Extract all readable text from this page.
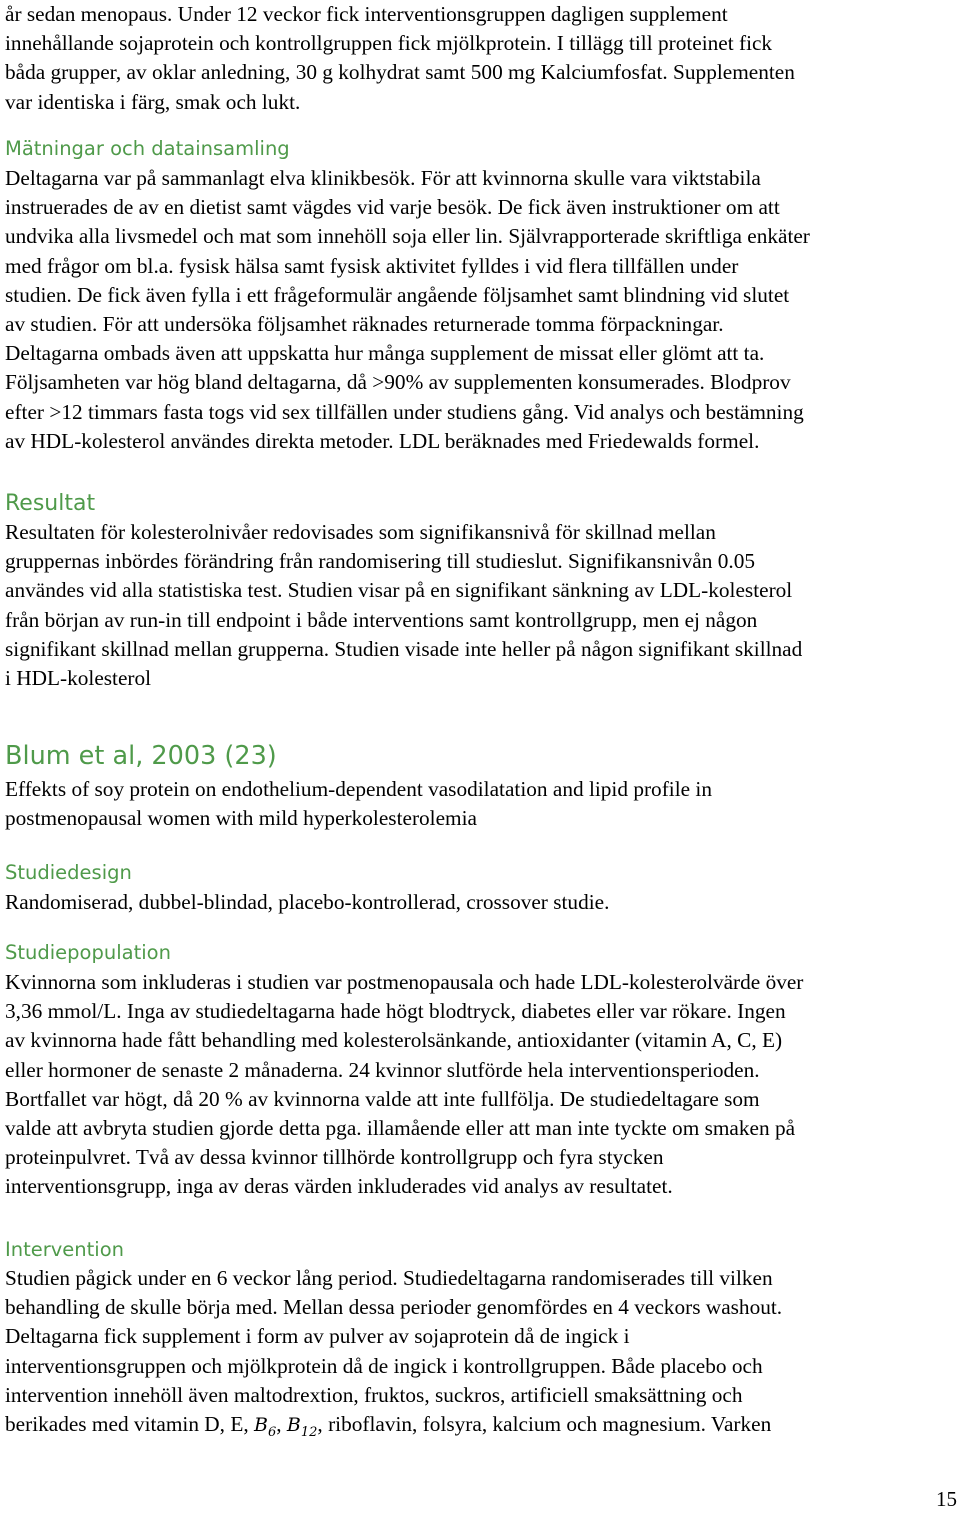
år sedan menopaus. Under 12 veckor fick interventionsgruppen dagligen supplement
innehållande sojaprotein och kontrollgruppen fick mjölkprotein. I tillägg till proteinet fick
båda grupper, av oklar anledning, 30 g kolhydrat samt 500 mg Kalciumfosfat. Supplementen
var identiska i färg, smak och lukt.

Mätningar och datainsamling

Deltagarna var på sammanlagt elva klinikbesök. För att kvinnorna skulle vara viktstabila
instruerades de av en dietist samt vägdes vid varje besök. De fick även instruktioner om att
undvika alla livsmedel och mat som innehöll soja eller lin. Självrapporterade skriftliga enkäter
med frågor om bl.a. fysisk hälsa samt fysisk aktivitet fylldes i vid flera tillfällen under
studien. De fick även fylla i ett frågeformulär angående följsamhet samt blindning vid slutet
av studien. För att undersöka följsamhet räknades returnerade tomma förpackningar.
Deltagarna ombads även att uppskatta hur många supplement de missat eller glömt att ta.
Följsamheten var hög bland deltagarna, då >90% av supplementen konsumerades. Blodprov
efter >12 timmars fasta togs vid sex tillfällen under studiens gång. Vid analys och bestämning
av HDL-kolesterol användes direkta metoder. LDL beräknades med Friedewalds formel.

Resultat

Resultaten för kolesterolnivåer redovisades som signifikansnivå för skillnad mellan
gruppernas inbördes förändring från randomisering till studieslut. Signifikansnivån 0.05
användes vid alla statistiska test. Studien visar på en signifikant sänkning av LDL-kolesterol
från början av run-in till endpoint i både interventions samt kontrollgrupp, men ej någon
signifikant skillnad mellan grupperna. Studien visade inte heller på någon signifikant skillnad
i HDL-kolesterol

Blum et al, 2003 (23)

Effekts of soy protein on endothelium-dependent vasodilatation and lipid profile in
postmenopausal women with mild hyperkolesterolemia

Studiedesign

Randomiserad, dubbel-blindad, placebo-kontrollerad, crossover studie.

Studiepopulation

Kvinnorna som inkluderas i studien var postmenopausala och hade LDL-kolesterolvärde över
3,36 mmol/L. Inga av studiedeltagarna hade högt blodtryck, diabetes eller var rökare. Ingen
av kvinnorna hade fått behandling med kolesterolsänkande, antioxidanter (vitamin A, C, E)
eller hormoner de senaste 2 månaderna. 24 kvinnor slutförde hela interventionsperioden.
Bortfallet var högt, då 20 % av kvinnorna valde att inte fullfölja. De studiedeltagare som
valde att avbryta studien gjorde detta pga. illamående eller att man inte tyckte om smaken på
proteinpulvret. Två av dessa kvinnor tillhörde kontrollgrupp och fyra stycken
interventionsgrupp, inga av deras värden inkluderades vid analys av resultatet.

Intervention

Studien pågick under en 6 veckor lång period. Studiedeltagarna randomiserades till vilken
behandling de skulle börja med. Mellan dessa perioder genomfördes en 4 veckors washout.
Deltagarna fick supplement i form av pulver av sojaprotein då de ingick i
interventionsgruppen och mjölkprotein då de ingick i kontrollgruppen. Både placebo och
intervention innehöll även maltodrextion, fruktos, suckros, artificiell smaksättning och

berikades med vitamin D, E, $B_6$, $B_{12}$, riboflavin, folsyra, kalcium och magnesium. Varken

15
